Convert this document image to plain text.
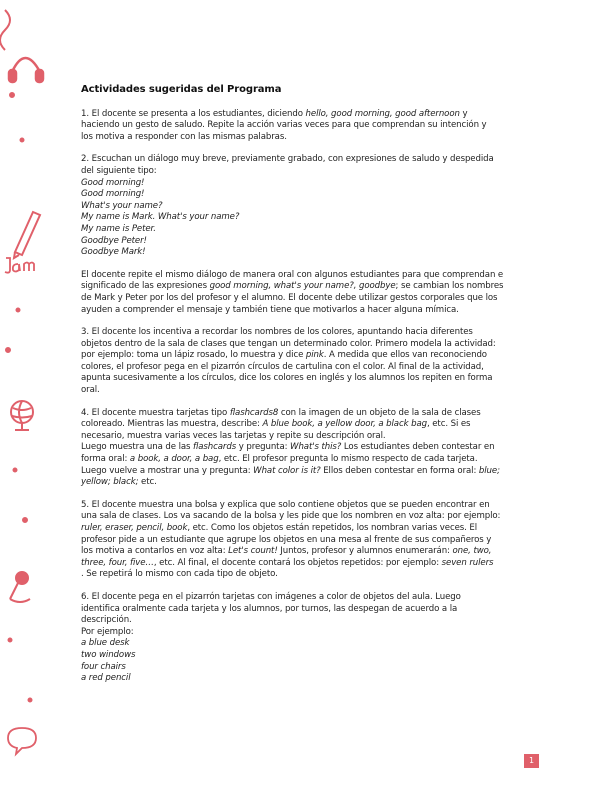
Actividades sugeridas del Programa

1. El docente se presenta a los estudiantes, diciendo hello, good morning, good afternoon y
haciendo un gesto de saludo. Repite la acción varias veces para que comprendan su intención y
los motiva a responder con las mismas palabras.

2. Escuchan un diálogo muy breve, previamente grabado, con expresiones de saludo y despedida
del siguiente tipo:
Good morning!
Good morning!
What's your name?
My name is Mark. What's your name?
My name is Peter.
Goodbye Peter!
Goodbye Mark!

El docente repite el mismo diálogo de manera oral con algunos estudiantes para que comprendan e
significado de las expresiones good morning, what's your name?, goodbye; se cambian los nombres
de Mark y Peter por los del profesor y el alumno. El docente debe utilizar gestos corporales que los
ayuden a comprender el mensaje y también tiene que motivarlos a hacer alguna mímica.

3. El docente los incentiva a recordar los nombres de los colores, apuntando hacia diferentes
objetos dentro de la sala de clases que tengan un determinado color. Primero modela la actividad:
por ejemplo: toma un lápiz rosado, lo muestra y dice pink. A medida que ellos van reconociendo
colores, el profesor pega en el pizarrón círculos de cartulina con el color. Al final de la actividad,
apunta sucesivamente a los círculos, dice los colores en inglés y los alumnos los repiten en forma
oral.

4. El docente muestra tarjetas tipo flashcards8 con la imagen de un objeto de la sala de clases
coloreado. Mientras las muestra, describe: A blue book, a yellow door, a black bag, etc. Si es
necesario, muestra varias veces las tarjetas y repite su descripción oral.
Luego muestra una de las flashcards y pregunta: What's this? Los estudiantes deben contestar en
forma oral: a book, a door, a bag, etc. El profesor pregunta lo mismo respecto de cada tarjeta.
Luego vuelve a mostrar una y pregunta: What color is it? Ellos deben contestar en forma oral: blue;
yellow; black; etc.

5. El docente muestra una bolsa y explica que solo contiene objetos que se pueden encontrar en
una sala de clases. Los va sacando de la bolsa y les pide que los nombren en voz alta: por ejemplo:
ruler, eraser, pencil, book, etc. Como los objetos están repetidos, los nombran varias veces. El
profesor pide a un estudiante que agrupe los objetos en una mesa al frente de sus compañeros y
los motiva a contarlos en voz alta: Let's count! Juntos, profesor y alumnos enumerarán: one, two,
three, four, five…, etc. Al final, el docente contará los objetos repetidos: por ejemplo: seven rulers
. Se repetirá lo mismo con cada tipo de objeto.

6. El docente pega en el pizarrón tarjetas con imágenes a color de objetos del aula. Luego
identifica oralmente cada tarjeta y los alumnos, por turnos, las despegan de acuerdo a la
descripción.
Por ejemplo:
a blue desk
two windows
four chairs
a red pencil

1
